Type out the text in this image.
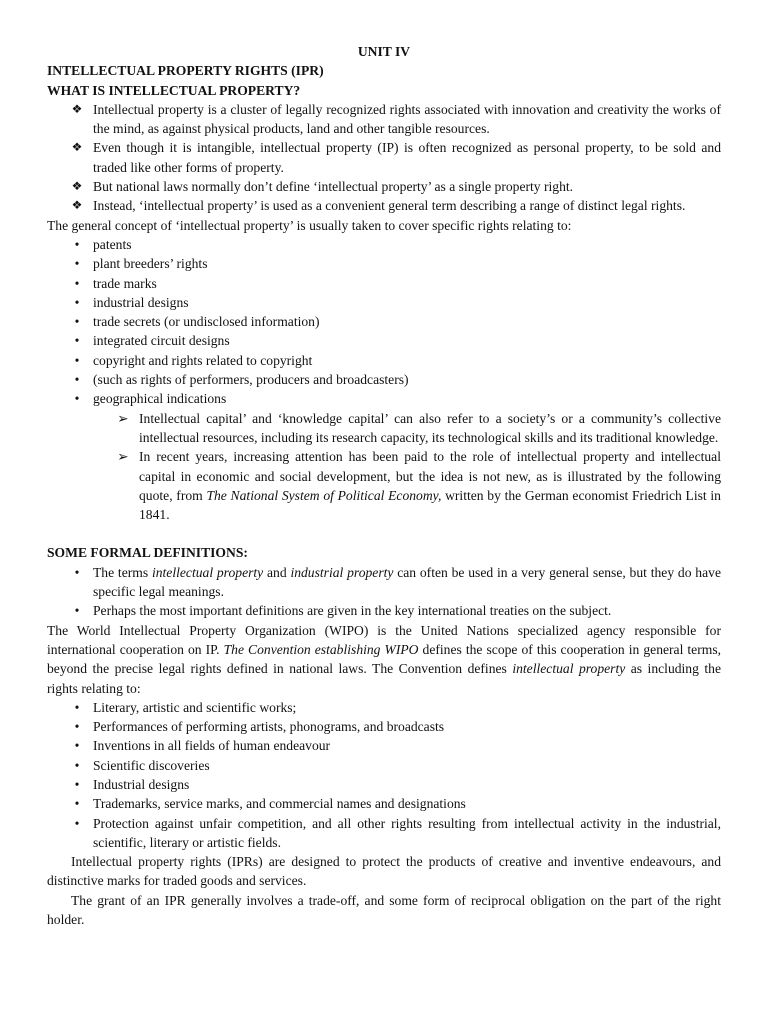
UNIT IV

INTELLECTUAL PROPERTY RIGHTS (IPR)

WHAT IS INTELLECTUAL PROPERTY?

❖ Intellectual property is a cluster of legally recognized rights associated with innovation and creativity the works of the mind, as against physical products, land and other tangible resources.
❖ Even though it is intangible, intellectual property (IP) is often recognized as personal property, to be sold and traded like other forms of property.
❖ But national laws normally don’t define ‘intellectual property’ as a single property right.
❖ Instead, ‘intellectual property’ is used as a convenient general term describing a range of distinct legal rights.

The general concept of ‘intellectual property’ is usually taken to cover specific rights relating to:

•	patents
•	plant breeders’ rights
•	trade marks
•	industrial designs
•	trade secrets (or undisclosed information)
•	integrated circuit designs
•	copyright and rights related to copyright
•	(such as rights of performers, producers and broadcasters)
•	geographical indications
➢ Intellectual capital’ and ‘knowledge capital’ can also refer to a society’s or a community’s collective intellectual resources, including its research capacity, its technological skills and its traditional knowledge.
➢ In recent years, increasing attention has been paid to the role of intellectual property and intellectual capital in economic and social development, but the idea is not new, as is illustrated by the following quote, from The National System of Political Economy, written by the German economist Friedrich List in 1841.

SOME FORMAL DEFINITIONS:

•	The terms intellectual property and industrial property can often be used in a very general sense, but they do have specific legal meanings.
•	Perhaps the most important definitions are given in the key international treaties on the subject.

The World Intellectual Property Organization (WIPO) is the United Nations specialized agency responsible for international cooperation on IP. The Convention establishing WIPO defines the scope of this cooperation in general terms, beyond the precise legal rights defined in national laws. The Convention defines intellectual property as including the rights relating to:

•	Literary, artistic and scientific works;
•	Performances of performing artists, phonograms, and broadcasts
•	Inventions in all fields of human endeavour
•	Scientific discoveries
•	Industrial designs
•	Trademarks, service marks, and commercial names and designations
•	Protection against unfair competition, and all other rights resulting from intellectual activity in the industrial, scientific, literary or artistic fields.

Intellectual property rights (IPRs) are designed to protect the products of creative and inventive endeavours, and distinctive marks for traded goods and services.

The grant of an IPR generally involves a trade-off, and some form of reciprocal obligation on the part of the right holder.
